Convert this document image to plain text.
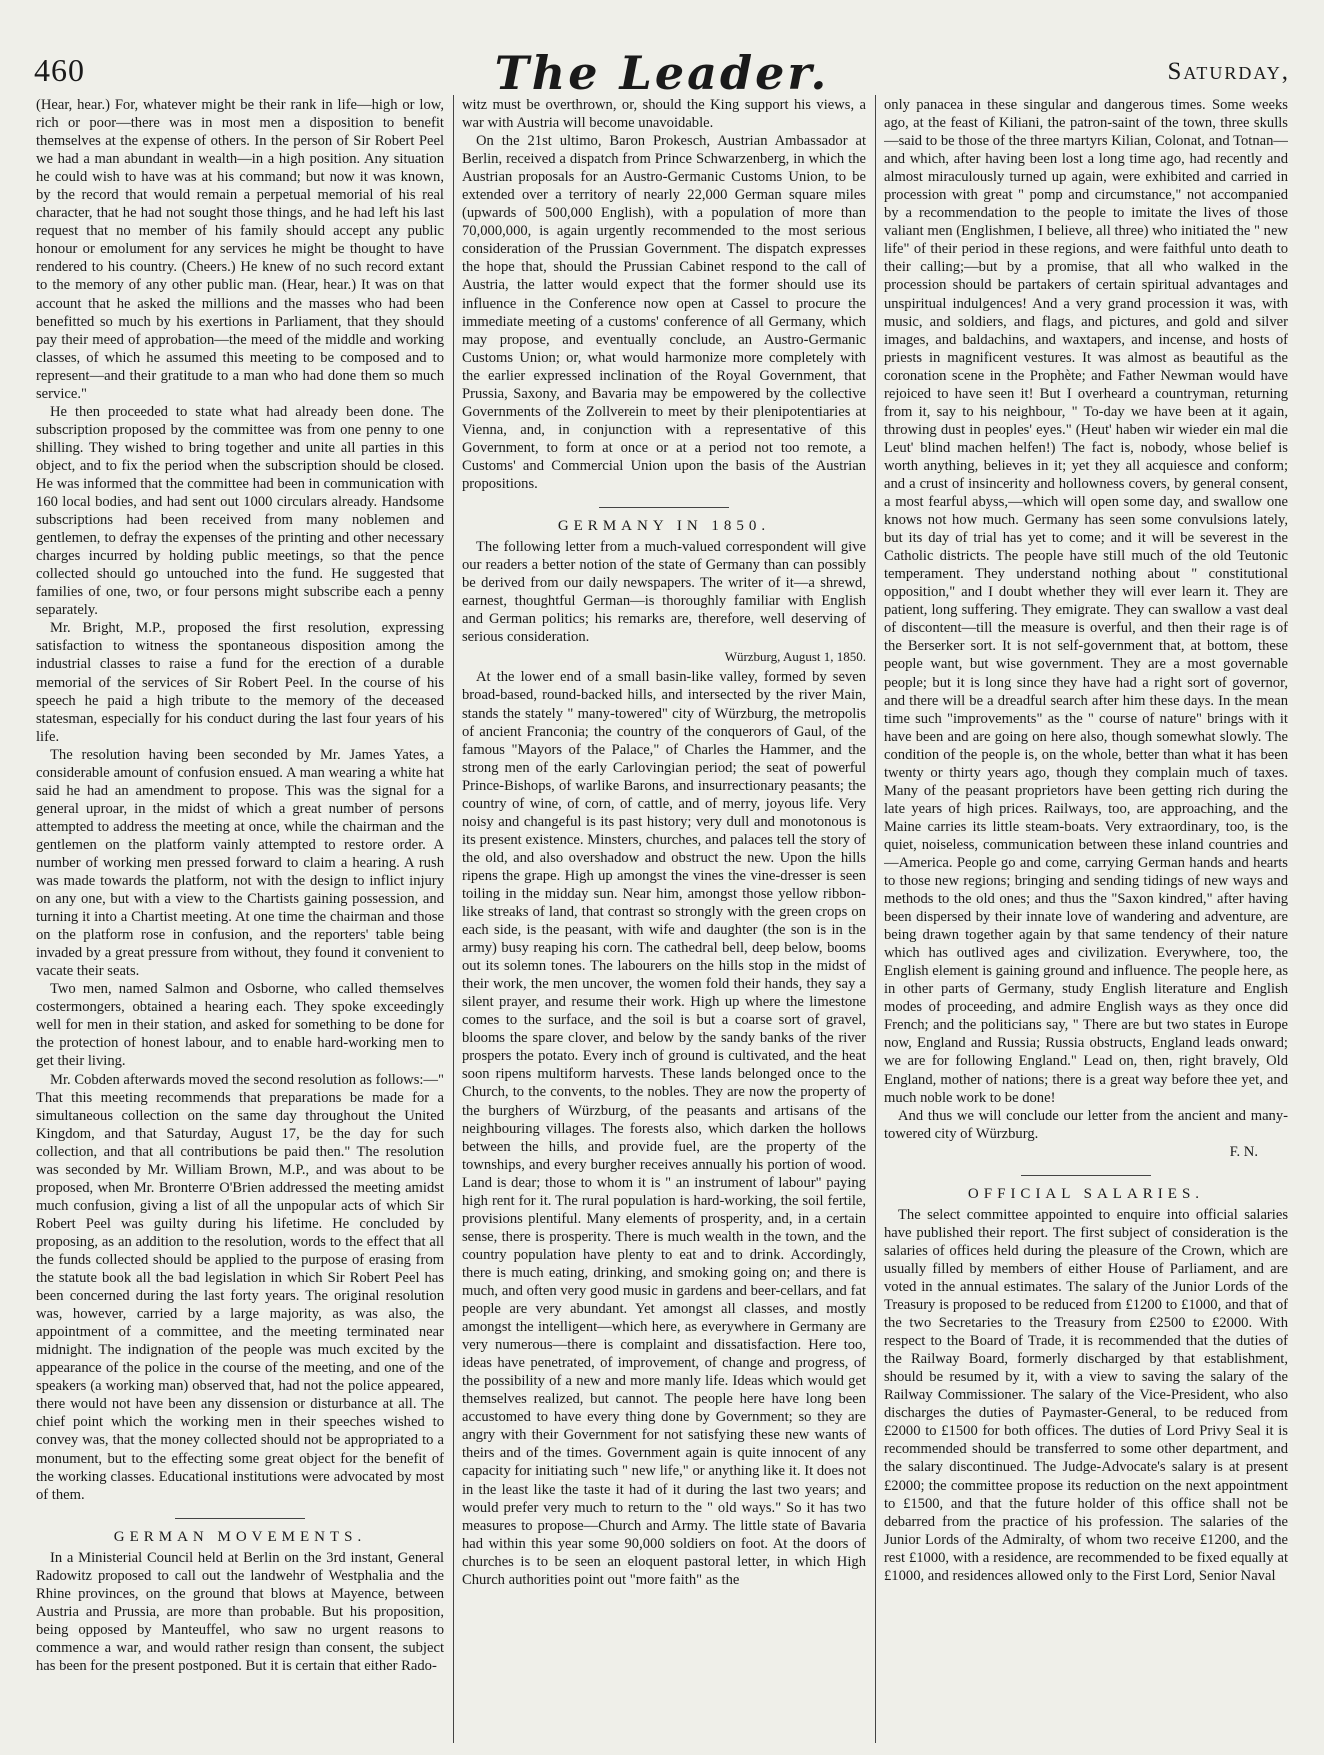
460	The Leader.	Saturday,

(Hear, hear.) For, whatever might be their rank in life—high or low, rich or poor—there was in most men a disposition to benefit themselves at the expense of others. In the person of Sir Robert Peel we had a man abundant in wealth—in a high position. Any situation he could wish to have was at his command; but now it was known, by the record that would remain a perpetual memorial of his real character, that he had not sought those things, and he had left his last request that no member of his family should accept any public honour or emolument for any services he might be thought to have rendered to his country. (Cheers.) He knew of no such record extant to the memory of any other public man. (Hear, hear.) It was on that account that he asked the millions and the masses who had been benefitted so much by his exertions in Parliament, that they should pay their meed of approbation—the meed of the middle and working classes, of which he assumed this meeting to be composed and to represent—and their gratitude to a man who had done them so much service."

He then proceeded to state what had already been done. The subscription proposed by the committee was from one penny to one shilling. They wished to bring together and unite all parties in this object, and to fix the period when the subscription should be closed. He was informed that the committee had been in communication with 160 local bodies, and had sent out 1000 circulars already. Handsome subscriptions had been received from many noblemen and gentlemen, to defray the expenses of the printing and other necessary charges incurred by holding public meetings, so that the pence collected should go untouched into the fund. He suggested that families of one, two, or four persons might subscribe each a penny separately.

Mr. Bright, M.P., proposed the first resolution, expressing satisfaction to witness the spontaneous disposition among the industrial classes to raise a fund for the erection of a durable memorial of the services of Sir Robert Peel. In the course of his speech he paid a high tribute to the memory of the deceased statesman, especially for his conduct during the last four years of his life.

The resolution having been seconded by Mr. James Yates, a considerable amount of confusion ensued. A man wearing a white hat said he had an amendment to propose. This was the signal for a general uproar, in the midst of which a great number of persons attempted to address the meeting at once, while the chairman and the gentlemen on the platform vainly attempted to restore order. A number of working men pressed forward to claim a hearing. A rush was made towards the platform, not with the design to inflict injury on any one, but with a view to the Chartists gaining possession, and turning it into a Chartist meeting. At one time the chairman and those on the platform rose in confusion, and the reporters' table being invaded by a great pressure from without, they found it convenient to vacate their seats.

Two men, named Salmon and Osborne, who called themselves costermongers, obtained a hearing each. They spoke exceedingly well for men in their station, and asked for something to be done for the protection of honest labour, and to enable hard-working men to get their living.

Mr. Cobden afterwards moved the second resolution as follows:—" That this meeting recommends that preparations be made for a simultaneous collection on the same day throughout the United Kingdom, and that Saturday, August 17, be the day for such collection, and that all contributions be paid then." The resolution was seconded by Mr. William Brown, M.P., and was about to be proposed, when Mr. Bronterre O'Brien addressed the meeting amidst much confusion, giving a list of all the unpopular acts of which Sir Robert Peel was guilty during his lifetime. He concluded by proposing, as an addition to the resolution, words to the effect that all the funds collected should be applied to the purpose of erasing from the statute book all the bad legislation in which Sir Robert Peel has been concerned during the last forty years. The original resolution was, however, carried by a large majority, as was also, the appointment of a committee, and the meeting terminated near midnight. The indignation of the people was much excited by the appearance of the police in the course of the meeting, and one of the speakers (a working man) observed that, had not the police appeared, there would not have been any dissension or disturbance at all. The chief point which the working men in their speeches wished to convey was, that the money collected should not be appropriated to a monument, but to the effecting some great object for the benefit of the working classes. Educational institutions were advocated by most of them.

GERMAN MOVEMENTS.

In a Ministerial Council held at Berlin on the 3rd instant, General Radowitz proposed to call out the landwehr of Westphalia and the Rhine provinces, on the ground that blows at Mayence, between Austria and Prussia, are more than probable. But his proposition, being opposed by Manteuffel, who saw no urgent reasons to commence a war, and would rather resign than consent, the subject has been for the present postponed. But it is certain that either Rado-

witz must be overthrown, or, should the King support his views, a war with Austria will become unavoidable.

On the 21st ultimo, Baron Prokesch, Austrian Ambassador at Berlin, received a dispatch from Prince Schwarzenberg, in which the Austrian proposals for an Austro-Germanic Customs Union, to be extended over a territory of nearly 22,000 German square miles (upwards of 500,000 English), with a population of more than 70,000,000, is again urgently recommended to the most serious consideration of the Prussian Government. The dispatch expresses the hope that, should the Prussian Cabinet respond to the call of Austria, the latter would expect that the former should use its influence in the Conference now open at Cassel to procure the immediate meeting of a customs' conference of all Germany, which may propose, and eventually conclude, an Austro-Germanic Customs Union; or, what would harmonize more completely with the earlier expressed inclination of the Royal Government, that Prussia, Saxony, and Bavaria may be empowered by the collective Governments of the Zollverein to meet by their plenipotentiaries at Vienna, and, in conjunction with a representative of this Government, to form at once or at a period not too remote, a Customs' and Commercial Union upon the basis of the Austrian propositions.

GERMANY IN 1850.

The following letter from a much-valued correspondent will give our readers a better notion of the state of Germany than can possibly be derived from our daily newspapers. The writer of it—a shrewd, earnest, thoughtful German—is thoroughly familiar with English and German politics; his remarks are, therefore, well deserving of serious consideration.

Würzburg, August 1, 1850.

At the lower end of a small basin-like valley, formed by seven broad-based, round-backed hills, and intersected by the river Main, stands the stately " many-towered" city of Würzburg, the metropolis of ancient Franconia; the country of the conquerors of Gaul, of the famous "Mayors of the Palace," of Charles the Hammer, and the strong men of the early Carlovingian period; the seat of powerful Prince-Bishops, of warlike Barons, and insurrectionary peasants; the country of wine, of corn, of cattle, and of merry, joyous life. Very noisy and changeful is its past history; very dull and monotonous is its present existence. Minsters, churches, and palaces tell the story of the old, and also overshadow and obstruct the new. Upon the hills ripens the grape. High up amongst the vines the vine-dresser is seen toiling in the midday sun. Near him, amongst those yellow ribbon-like streaks of land, that contrast so strongly with the green crops on each side, is the peasant, with wife and daughter (the son is in the army) busy reaping his corn. The cathedral bell, deep below, booms out its solemn tones. The labourers on the hills stop in the midst of their work, the men uncover, the women fold their hands, they say a silent prayer, and resume their work. High up where the limestone comes to the surface, and the soil is but a coarse sort of gravel, blooms the spare clover, and below by the sandy banks of the river prospers the potato. Every inch of ground is cultivated, and the heat soon ripens multiform harvests. These lands belonged once to the Church, to the convents, to the nobles. They are now the property of the burghers of Würzburg, of the peasants and artisans of the neighbouring villages. The forests also, which darken the hollows between the hills, and provide fuel, are the property of the townships, and every burgher receives annually his portion of wood. Land is dear; those to whom it is " an instrument of labour" paying high rent for it. The rural population is hard-working, the soil fertile, provisions plentiful. Many elements of prosperity, and, in a certain sense, there is prosperity. There is much wealth in the town, and the country population have plenty to eat and to drink. Accordingly, there is much eating, drinking, and smoking going on; and there is much, and often very good music in gardens and beer-cellars, and fat people are very abundant. Yet amongst all classes, and mostly amongst the intelligent—which here, as everywhere in Germany are very numerous—there is complaint and dissatisfaction. Here too, ideas have penetrated, of improvement, of change and progress, of the possibility of a new and more manly life. Ideas which would get themselves realized, but cannot. The people here have long been accustomed to have every thing done by Government; so they are angry with their Government for not satisfying these new wants of theirs and of the times. Government again is quite innocent of any capacity for initiating such " new life," or anything like it. It does not in the least like the taste it had of it during the last two years; and would prefer very much to return to the " old ways." So it has two measures to propose—Church and Army. The little state of Bavaria had within this year some 90,000 soldiers on foot. At the doors of churches is to be seen an eloquent pastoral letter, in which High Church authorities point out "more faith" as the

only panacea in these singular and dangerous times. Some weeks ago, at the feast of Kiliani, the patron-saint of the town, three skulls—said to be those of the three martyrs Kilian, Colonat, and Totnan—and which, after having been lost a long time ago, had recently and almost miraculously turned up again, were exhibited and carried in procession with great " pomp and circumstance," not accompanied by a recommendation to the people to imitate the lives of those valiant men (Englishmen, I believe, all three) who initiated the " new life" of their period in these regions, and were faithful unto death to their calling;—but by a promise, that all who walked in the procession should be partakers of certain spiritual advantages and unspiritual indulgences! And a very grand procession it was, with music, and soldiers, and flags, and pictures, and gold and silver images, and baldachins, and waxtapers, and incense, and hosts of priests in magnificent vestures. It was almost as beautiful as the coronation scene in the Prophète; and Father Newman would have rejoiced to have seen it! But I overheard a countryman, returning from it, say to his neighbour, " To-day we have been at it again, throwing dust in peoples' eyes." (Heut' haben wir wieder ein mal die Leut' blind machen helfen!) The fact is, nobody, whose belief is worth anything, believes in it; yet they all acquiesce and conform; and a crust of insincerity and hollowness covers, by general consent, a most fearful abyss,—which will open some day, and swallow one knows not how much. Germany has seen some convulsions lately, but its day of trial has yet to come; and it will be severest in the Catholic districts. The people have still much of the old Teutonic temperament. They understand nothing about " constitutional opposition," and I doubt whether they will ever learn it. They are patient, long suffering. They emigrate. They can swallow a vast deal of discontent—till the measure is overful, and then their rage is of the Berserker sort. It is not self-government that, at bottom, these people want, but wise government. They are a most governable people; but it is long since they have had a right sort of governor, and there will be a dreadful search after him these days. In the mean time such "improvements" as the " course of nature" brings with it have been and are going on here also, though somewhat slowly. The condition of the people is, on the whole, better than what it has been twenty or thirty years ago, though they complain much of taxes. Many of the peasant proprietors have been getting rich during the late years of high prices. Railways, too, are approaching, and the Maine carries its little steam-boats. Very extraordinary, too, is the quiet, noiseless, communication between these inland countries and—America. People go and come, carrying German hands and hearts to those new regions; bringing and sending tidings of new ways and methods to the old ones; and thus the "Saxon kindred," after having been dispersed by their innate love of wandering and adventure, are being drawn together again by that same tendency of their nature which has outlived ages and civilization. Everywhere, too, the English element is gaining ground and influence. The people here, as in other parts of Germany, study English literature and English modes of proceeding, and admire English ways as they once did French; and the politicians say, " There are but two states in Europe now, England and Russia; Russia obstructs, England leads onward; we are for following England." Lead on, then, right bravely, Old England, mother of nations; there is a great way before thee yet, and much noble work to be done!

And thus we will conclude our letter from the ancient and many-towered city of Würzburg.

F. N.
OFFICIAL SALARIES.

The select committee appointed to enquire into official salaries have published their report. The first subject of consideration is the salaries of offices held during the pleasure of the Crown, which are usually filled by members of either House of Parliament, and are voted in the annual estimates. The salary of the Junior Lords of the Treasury is proposed to be reduced from £1200 to £1000, and that of the two Secretaries to the Treasury from £2500 to £2000. With respect to the Board of Trade, it is recommended that the duties of the Railway Board, formerly discharged by that establishment, should be resumed by it, with a view to saving the salary of the Railway Commissioner. The salary of the Vice-President, who also discharges the duties of Paymaster-General, to be reduced from £2000 to £1500 for both offices. The duties of Lord Privy Seal it is recommended should be transferred to some other department, and the salary discontinued. The Judge-Advocate's salary is at present £2000; the committee propose its reduction on the next appointment to £1500, and that the future holder of this office shall not be debarred from the practice of his profession. The salaries of the Junior Lords of the Admiralty, of whom two receive £1200, and the rest £1000, with a residence, are recommended to be fixed equally at £1000, and residences allowed only to the First Lord, Senior Naval
